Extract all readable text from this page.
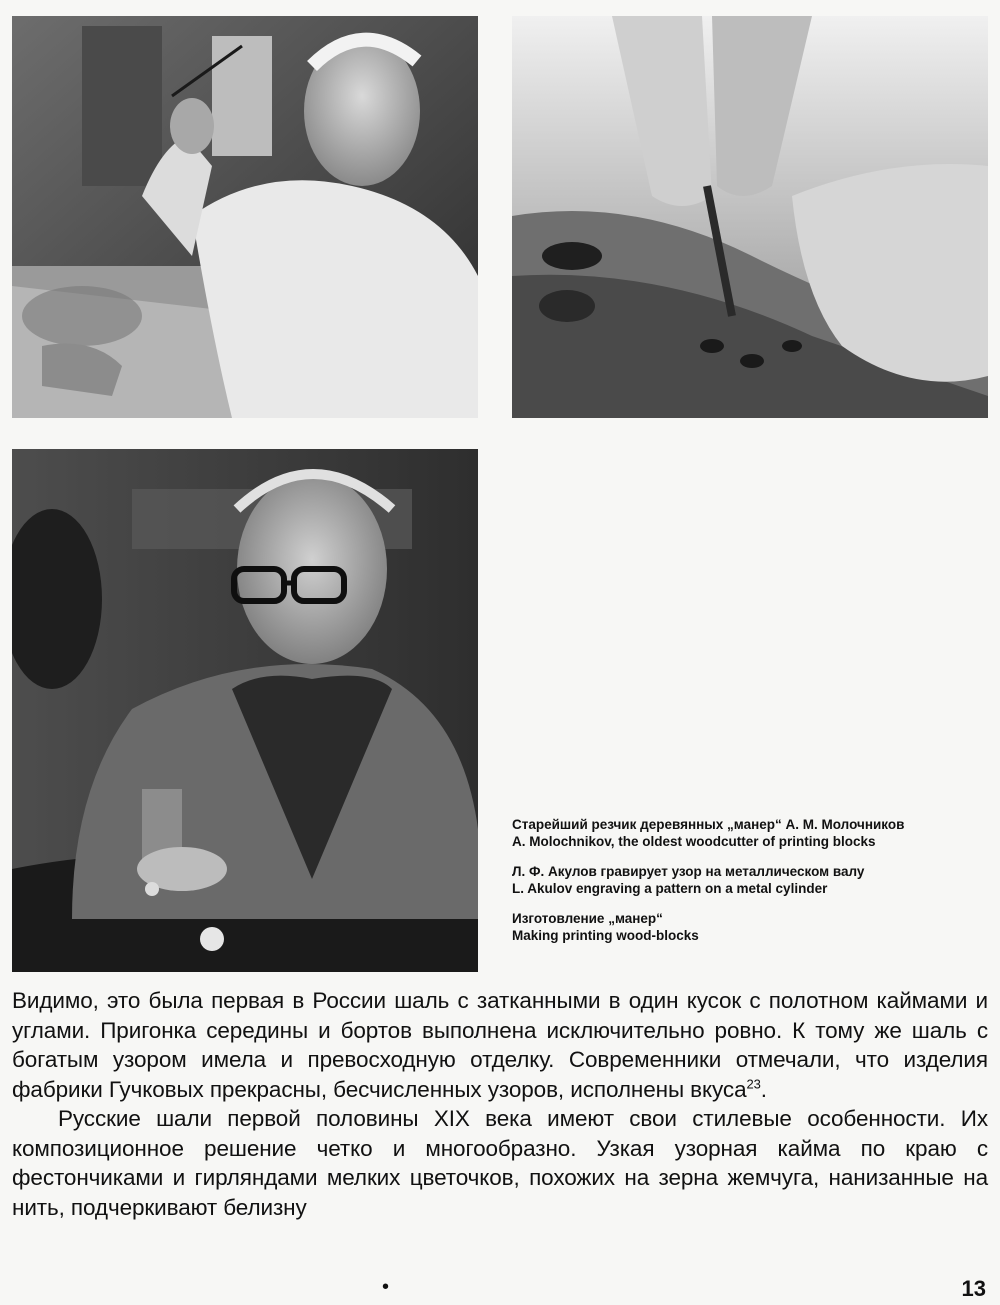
Старейший резчик деревянных „манер“ А. М. Молочников
A. Molochnikov, the oldest woodcutter of printing blocks
Л. Ф. Акулов гравирует узор на металлическом валу
L. Akulov engraving a pattern on a metal cylinder
Изготовление „манер“
Making printing wood-blocks

Видимо, это была первая в России шаль с затканными в один кусок с полотном каймами и углами. Пригонка середины и бортов выполнена исключительно ровно. К тому же шаль с богатым узором имела и превосходную отделку. Современники отмечали, что изделия фабрики Гучковых прекрасны, бесчисленных узоров, исполнены вкуса$^{23}$.

Русские шали первой половины XIX века имеют свои стилевые особенности. Их композиционное решение четко и многообразно. Узкая узорная кайма по краю с фестончиками и гирляндами мелких цветочков, похожих на зерна жемчуга, нанизанные на нить, подчеркивают белизну

•	13
